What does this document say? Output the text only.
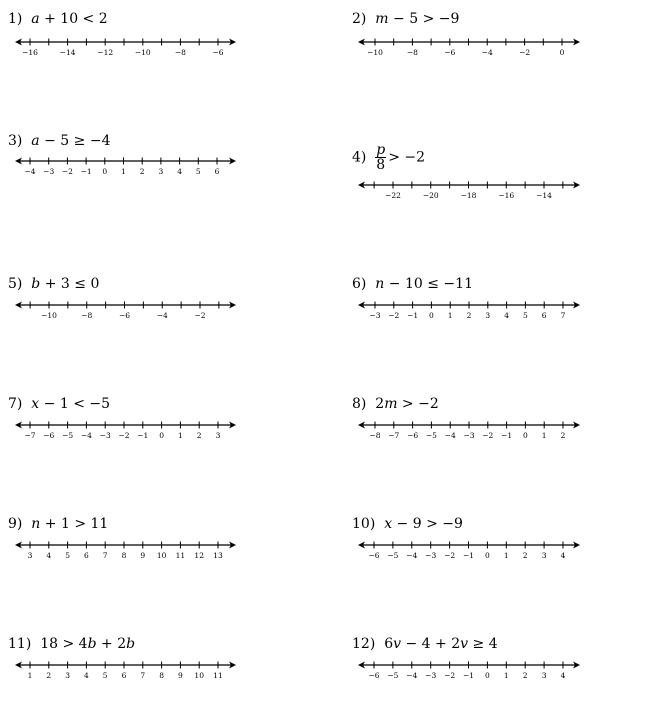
−16	−14	−12	−10	−8	−6	−10	−8	−6	−4	−2	0
−4 −3 −2 −1 0 1 2 3 4 5 6
−22	−20	−18	−16	−14
−10	−8	−6	−4	−2	−3 −2 −1 0 1 2 3 4 5 6 7
−7 −6 −5 −4 −3 −2 −1 0 1 2 3	−8 −7 −6 −5 −4 −3 −2 −1 0 1 2
3 4 5 6 7 8 9 10 11 12 13	−6 −5 −4 −3 −2 −1 0 1 2 3 4
1 2 3 4 5 6 7 8 9 10 11	−6 −5 −4 −3 −2 −1 0 1 2 3 4
1)  a + 10 < 2	2)  m − 5 > −9
3)  a − 5 ≥ −4
$4) \frac{p}{8} > -2$
5)  b + 3 ≤ 0	6)  n − 10 ≤ −11
7)  x − 1 < −5	8)  2m > −2
9)  n + 1 > 11	10)  x − 9 > −9
11)  18 > 4b + 2b	12)  6v − 4 + 2v ≥ 4
